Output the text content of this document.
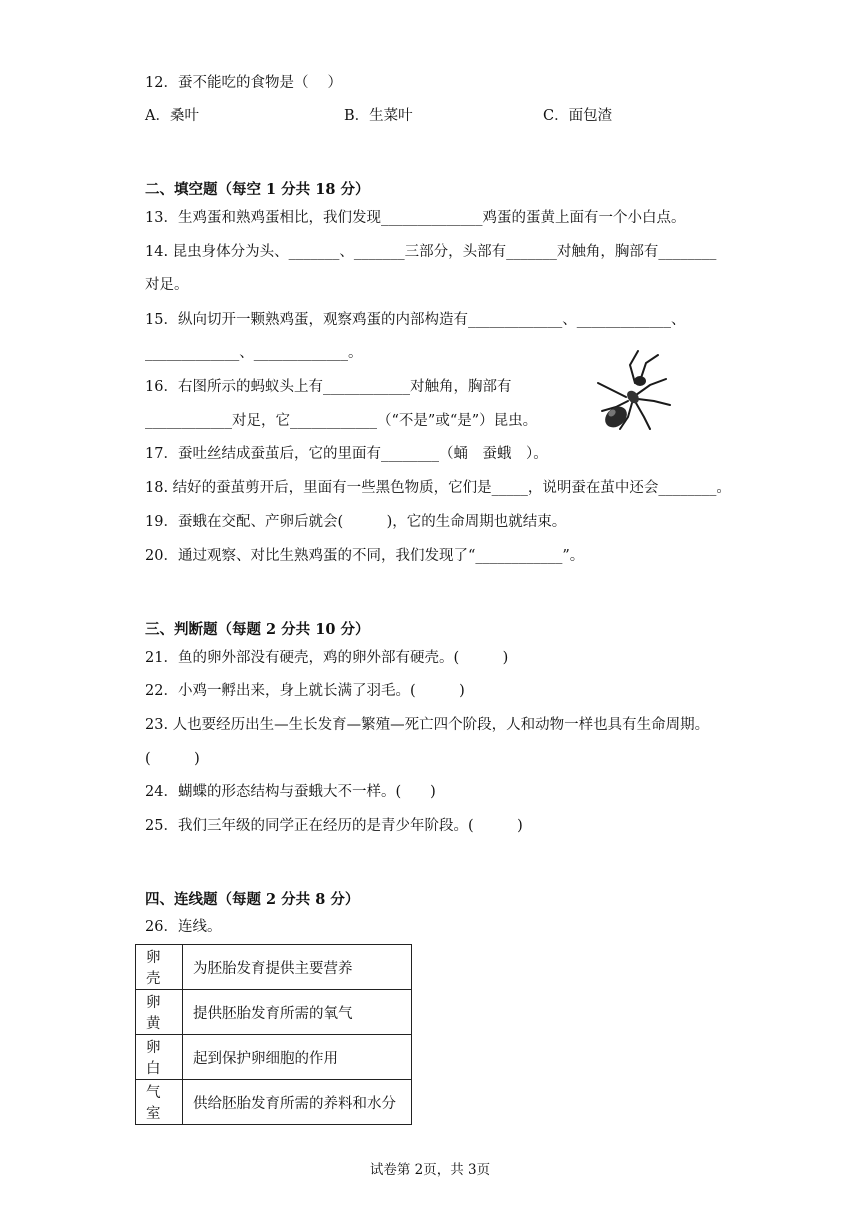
12．蚕不能吃的食物是（　 ）
A．桑叶	B．生菜叶	C．面包渣
二、填空题（每空 1 分共 18 分）
13．生鸡蛋和熟鸡蛋相比，我们发现______________鸡蛋的蛋黄上面有一个小白点。
14. 昆虫身体分为头、_______、_______三部分，头部有_______对触角，胸部有________
对足。
15．纵向切开一颗熟鸡蛋，观察鸡蛋的内部构造有_____________、_____________、
_____________、_____________。
16．右图所示的蚂蚁头上有____________对触角，胸部有
____________对足，它____________（“不是”或“是”）昆虫。
17．蚕吐丝结成蚕茧后，它的里面有________（蛹　蚕蛾　）。
18. 结好的蚕茧剪开后，里面有一些黑色物质，它们是_____，说明蚕在茧中还会________。
19．蚕蛾在交配、产卵后就会(　　　)，它的生命周期也就结束。
20．通过观察、对比生熟鸡蛋的不同，我们发现了“____________”。
三、判断题（每题 2 分共 10 分）
21．鱼的卵外部没有硬壳，鸡的卵外部有硬壳。(　　　)
22．小鸡一孵出来，身上就长满了羽毛。(　　　)
23. 人也要经历出生—生长发育—繁殖—死亡四个阶段，人和动物一样也具有生命周期。
(　　　)
24．蝴蝶的形态结构与蚕蛾大不一样。(　　)
25．我们三年级的同学正在经历的是青少年阶段。(　　　)
四、连线题（每题 2 分共 8 分）
26．连线。
卵壳	为胚胎发育提供主要营养
卵黄	提供胚胎发育所需的氧气
卵白	起到保护卵细胞的作用
气室	供给胚胎发育所需的养料和水分
试卷第 2页，共 3页
